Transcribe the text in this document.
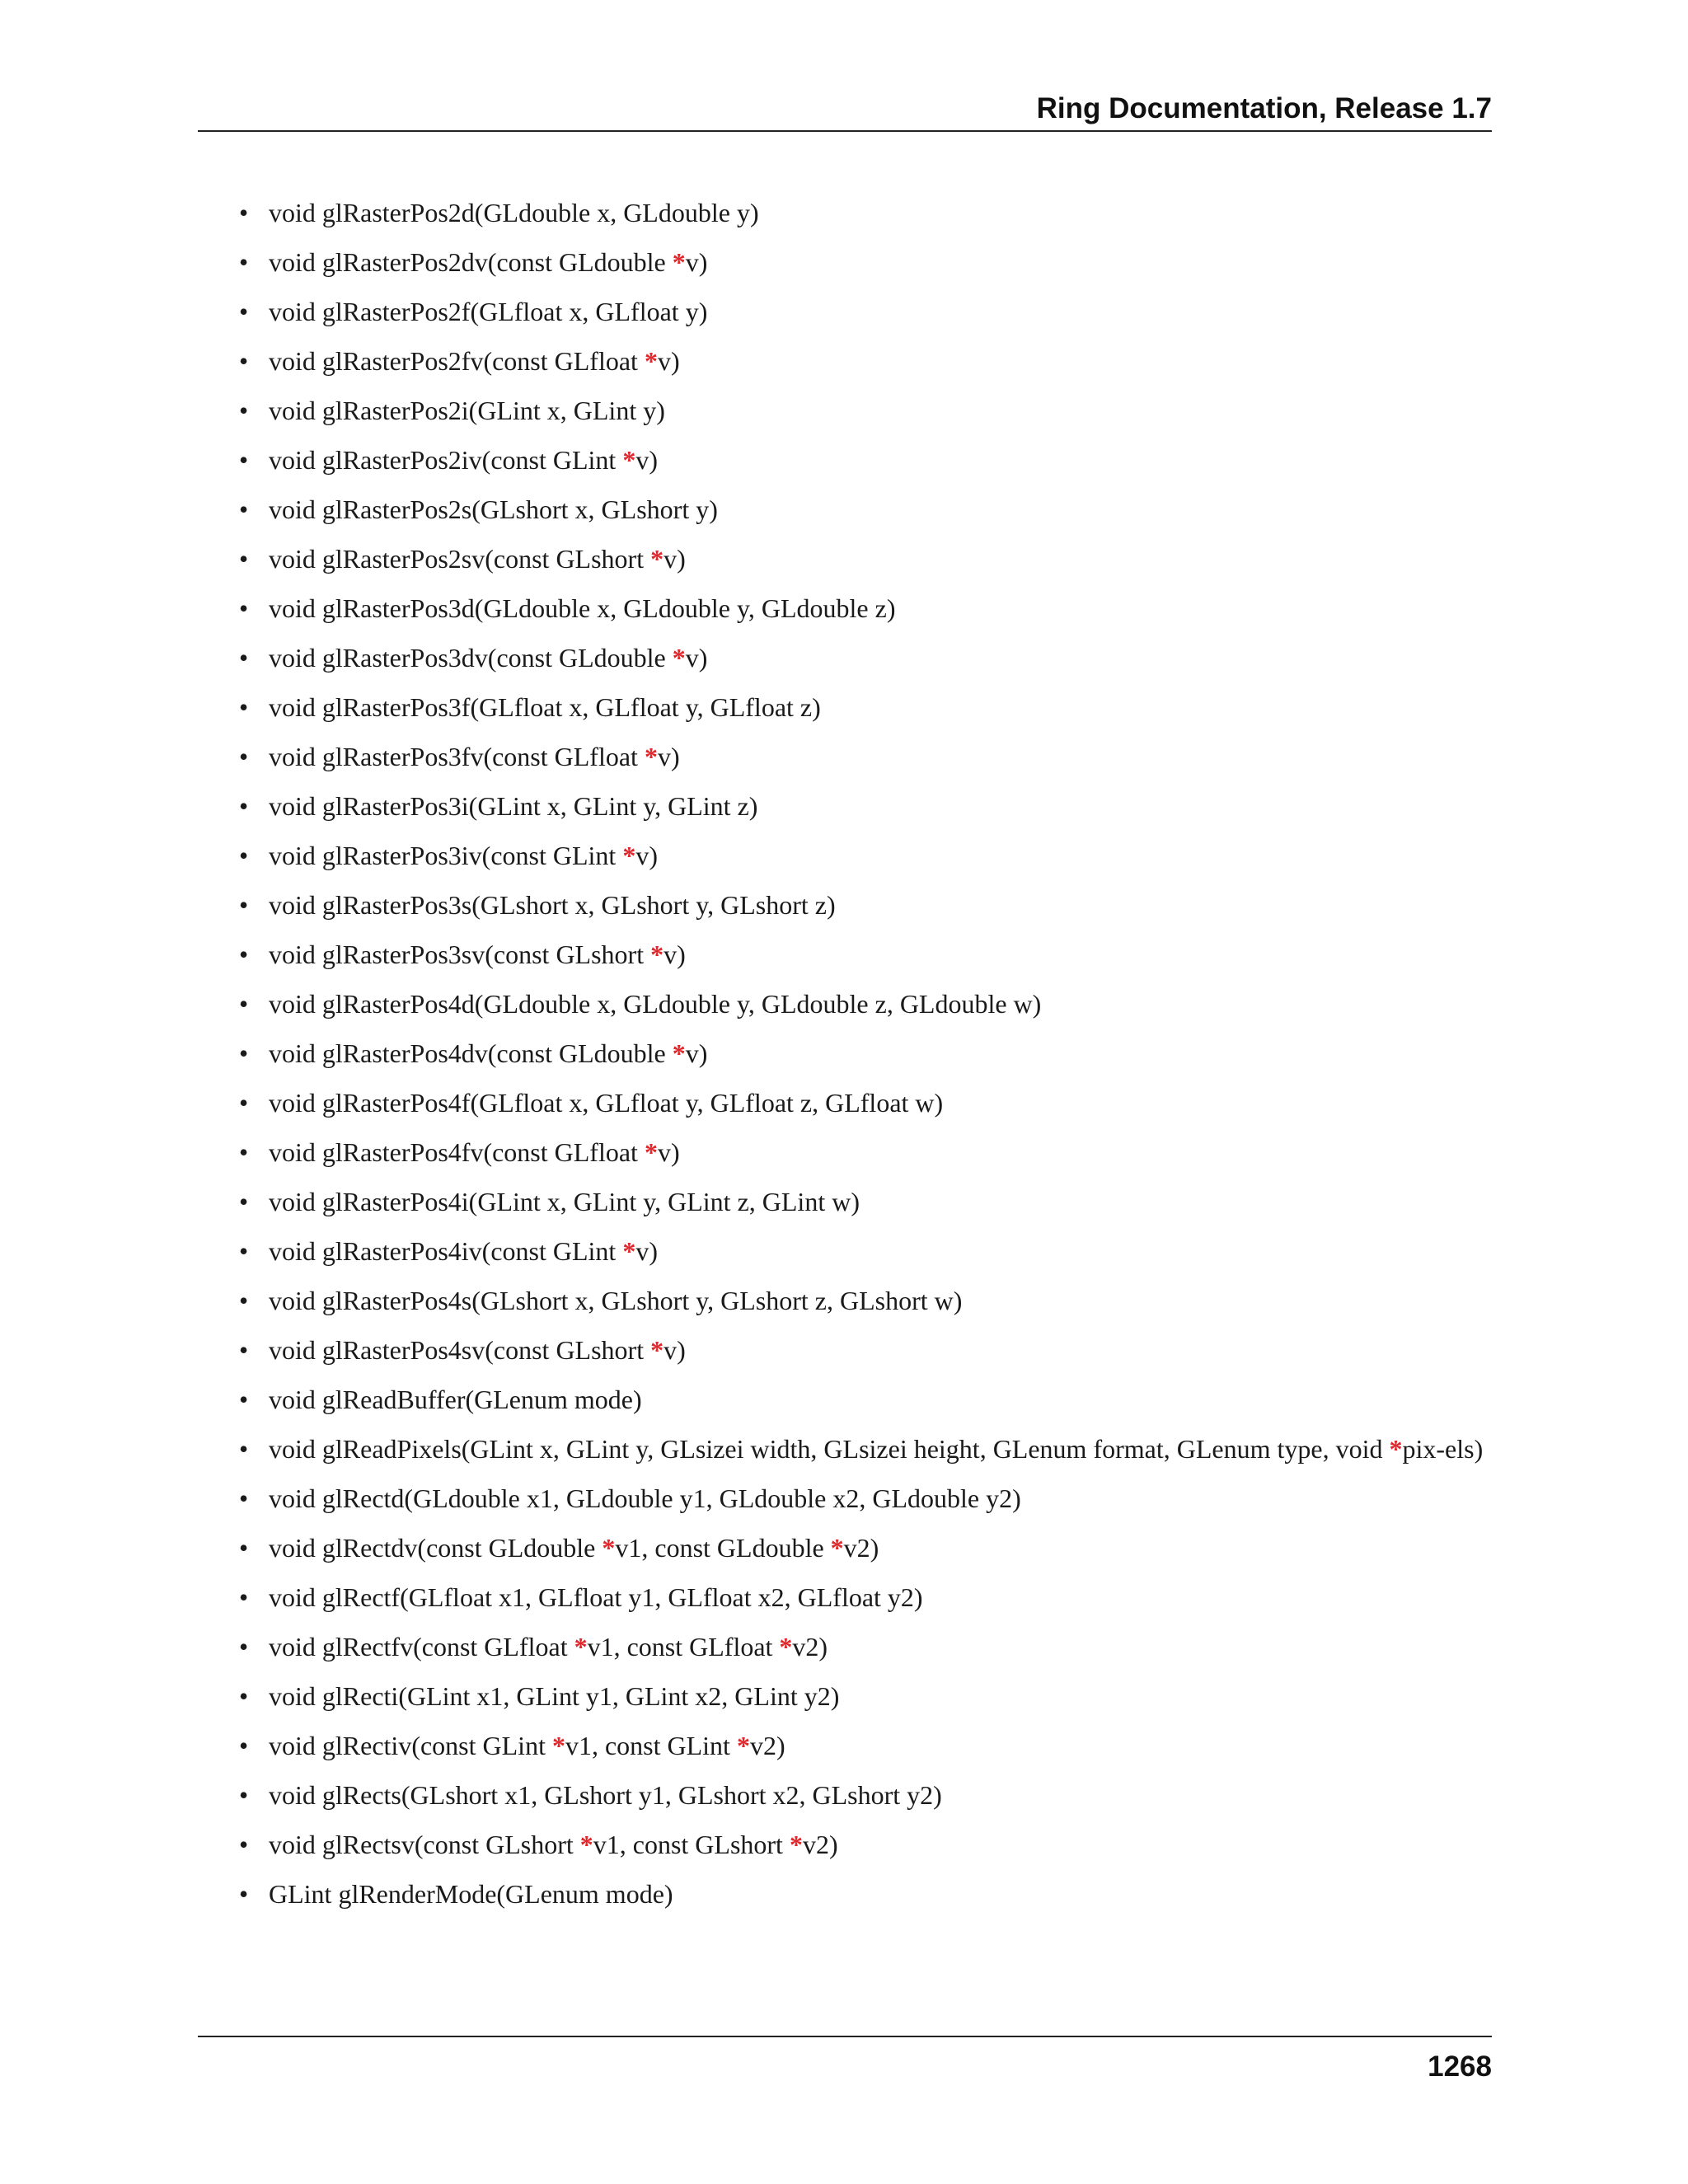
Ring Documentation, Release 1.7
• void glRasterPos2d(GLdouble x, GLdouble y)
• void glRasterPos2dv(const GLdouble *v)
• void glRasterPos2f(GLfloat x, GLfloat y)
• void glRasterPos2fv(const GLfloat *v)
• void glRasterPos2i(GLint x, GLint y)
• void glRasterPos2iv(const GLint *v)
• void glRasterPos2s(GLshort x, GLshort y)
• void glRasterPos2sv(const GLshort *v)
• void glRasterPos3d(GLdouble x, GLdouble y, GLdouble z)
• void glRasterPos3dv(const GLdouble *v)
• void glRasterPos3f(GLfloat x, GLfloat y, GLfloat z)
• void glRasterPos3fv(const GLfloat *v)
• void glRasterPos3i(GLint x, GLint y, GLint z)
• void glRasterPos3iv(const GLint *v)
• void glRasterPos3s(GLshort x, GLshort y, GLshort z)
• void glRasterPos3sv(const GLshort *v)
• void glRasterPos4d(GLdouble x, GLdouble y, GLdouble z, GLdouble w)
• void glRasterPos4dv(const GLdouble *v)
• void glRasterPos4f(GLfloat x, GLfloat y, GLfloat z, GLfloat w)
• void glRasterPos4fv(const GLfloat *v)
• void glRasterPos4i(GLint x, GLint y, GLint z, GLint w)
• void glRasterPos4iv(const GLint *v)
• void glRasterPos4s(GLshort x, GLshort y, GLshort z, GLshort w)
• void glRasterPos4sv(const GLshort *v)
• void glReadBuffer(GLenum mode)
• void glReadPixels(GLint x, GLint y, GLsizei width, GLsizei height, GLenum format, GLenum type, void *pix-els)
• void glRectd(GLdouble x1, GLdouble y1, GLdouble x2, GLdouble y2)
• void glRectdv(const GLdouble *v1, const GLdouble *v2)
• void glRectf(GLfloat x1, GLfloat y1, GLfloat x2, GLfloat y2)
• void glRectfv(const GLfloat *v1, const GLfloat *v2)
• void glRecti(GLint x1, GLint y1, GLint x2, GLint y2)
• void glRectiv(const GLint *v1, const GLint *v2)
• void glRects(GLshort x1, GLshort y1, GLshort x2, GLshort y2)
• void glRectsv(const GLshort *v1, const GLshort *v2)
• GLint glRenderMode(GLenum mode)
1268
